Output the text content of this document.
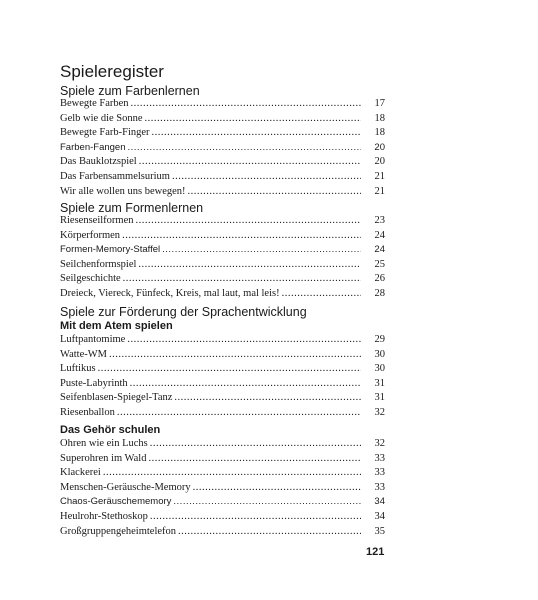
Spieleregister
Spiele zum Farbenlernen
Bewegte Farben .....	17
Gelb wie die Sonne .....	18
Bewegte Farb-Finger .....	18
Farben-Fangen .....	20
Das Bauklotzspiel .....	20
Das Farbensammelsurium .....	21
Wir alle wollen uns bewegen! .....	21
Spiele zum Formenlernen
Riesenseilformen .....	23
Körperformen .....	24
Formen-Memory-Staffel .....	24
Seilchenformspiel .....	25
Seilgeschichte .....	26
Dreieck, Viereck, Fünfeck, Kreis, mal laut, mal leis! .....	28
Spiele zur Förderung der Sprachentwicklung
Mit dem Atem spielen
Luftpantomime .....	29
Watte-WM .....	30
Luftikus .....	30
Puste-Labyrinth .....	31
Seifenblasen-Spiegel-Tanz .....	31
Riesenballon .....	32
Das Gehör schulen
Ohren wie ein Luchs .....	32
Superohren im Wald .....	33
Klackerei .....	33
Menschen-Geräusche-Memory .....	33
Chaos-Geräuschememory .....	34
Heulrohr-Stethoskop .....	34
Großgruppengeheimtelefon .....	35
121
